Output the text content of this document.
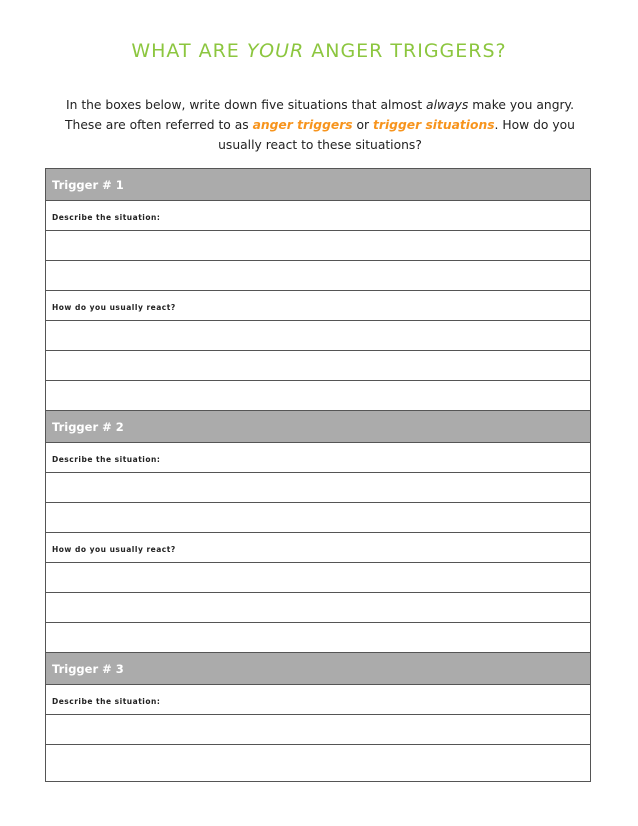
WHAT ARE YOUR ANGER TRIGGERS?
In the boxes below, write down five situations that almost always make you angry. These are often referred to as anger triggers or trigger situations. How do you usually react to these situations?
Trigger # 1
Describe the situation:
How do you usually react?
Trigger # 2
Describe the situation:
How do you usually react?
Trigger # 3
Describe the situation:
